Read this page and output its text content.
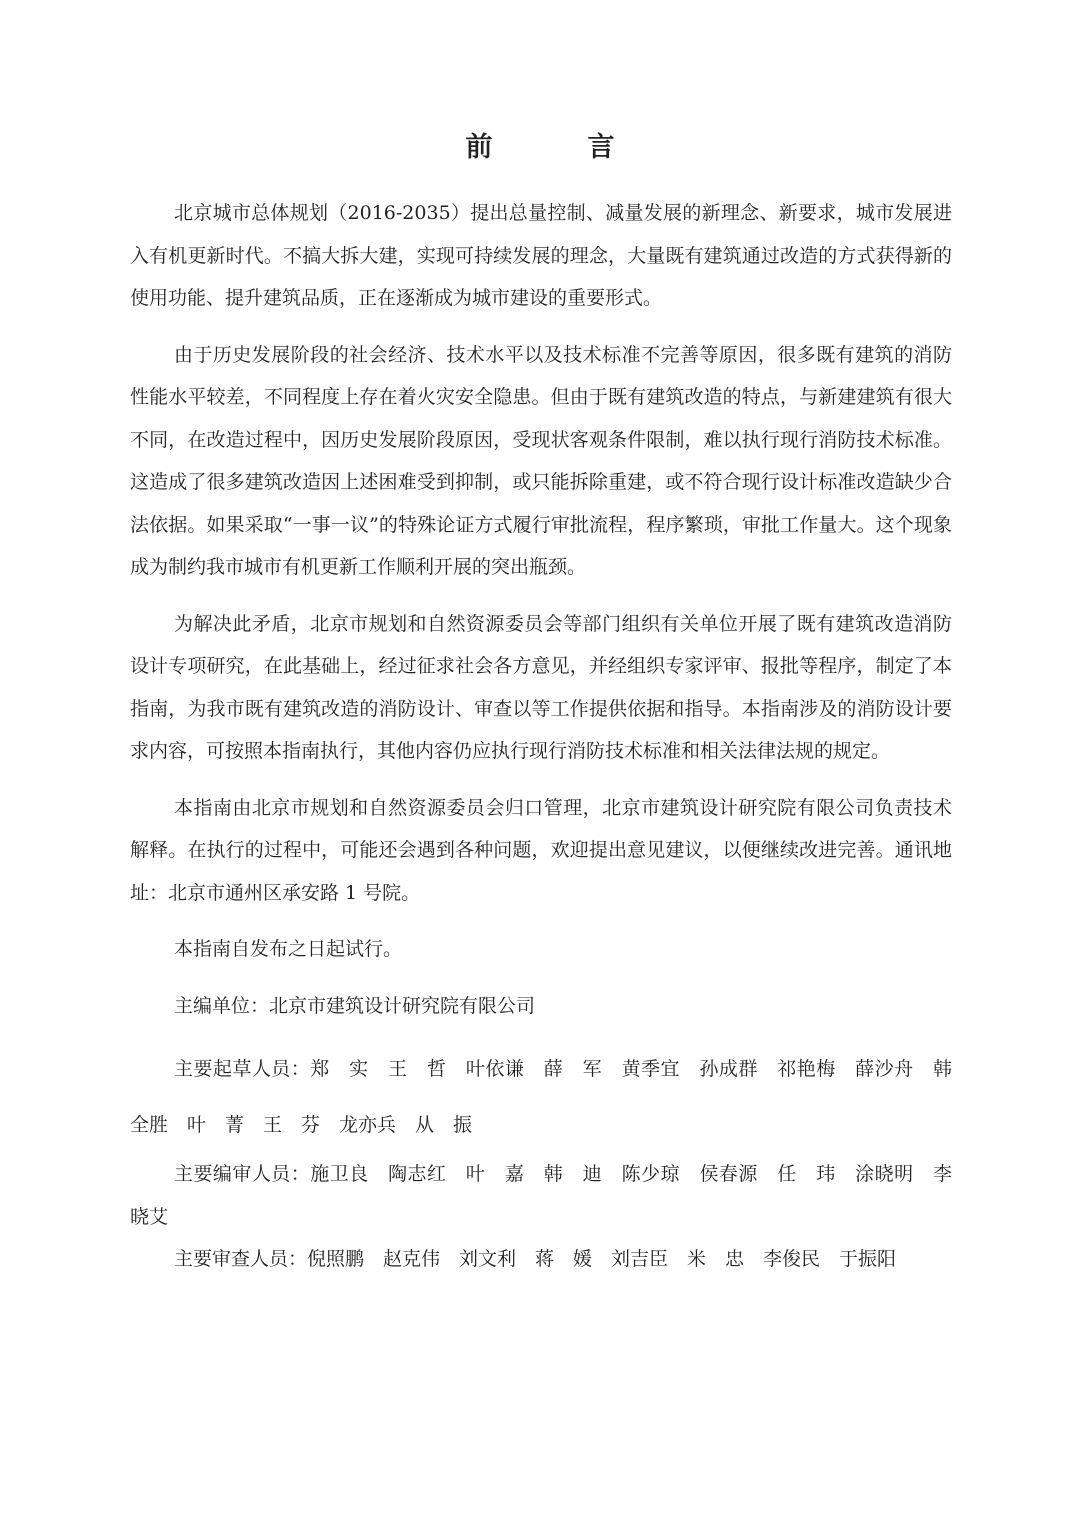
前　言

北京城市总体规划（2016-2035）提出总量控制、减量发展的新理念、新要求，城市发展进入有机更新时代。不搞大拆大建，实现可持续发展的理念，大量既有建筑通过改造的方式获得新的使用功能、提升建筑品质，正在逐渐成为城市建设的重要形式。

由于历史发展阶段的社会经济、技术水平以及技术标准不完善等原因，很多既有建筑的消防性能水平较差，不同程度上存在着火灾安全隐患。但由于既有建筑改造的特点，与新建建筑有很大不同，在改造过程中，因历史发展阶段原因，受现状客观条件限制，难以执行现行消防技术标准。这造成了很多建筑改造因上述困难受到抑制，或只能拆除重建，或不符合现行设计标准改造缺少合法依据。如果采取“一事一议”的特殊论证方式履行审批流程，程序繁琐，审批工作量大。这个现象成为制约我市城市有机更新工作顺利开展的突出瓶颈。

为解决此矛盾，北京市规划和自然资源委员会等部门组织有关单位开展了既有建筑改造消防设计专项研究，在此基础上，经过征求社会各方意见，并经组织专家评审、报批等程序，制定了本指南，为我市既有建筑改造的消防设计、审查以等工作提供依据和指导。本指南涉及的消防设计要求内容，可按照本指南执行，其他内容仍应执行现行消防技术标准和相关法律法规的规定。

本指南由北京市规划和自然资源委员会归口管理，北京市建筑设计研究院有限公司负责技术解释。在执行的过程中，可能还会遇到各种问题，欢迎提出意见建议，以便继续改进完善。通讯地址：北京市通州区承安路 1 号院。

本指南自发布之日起试行。

主编单位：北京市建筑设计研究院有限公司

主要起草人员：郑　实　王　哲　叶依谦　薛　军　黄季宜　孙成群　祁艳梅　薛沙舟　韩全胜　叶　菁　王　芬　龙亦兵　从　振

主要编审人员：施卫良　陶志红　叶　嘉　韩　迪　陈少琼　侯春源　任　玮　涂晓明　李晓艾

主要审查人员：倪照鹏　赵克伟　刘文利　蒋　媛　刘吉臣　米　忠　李俊民　于振阳
